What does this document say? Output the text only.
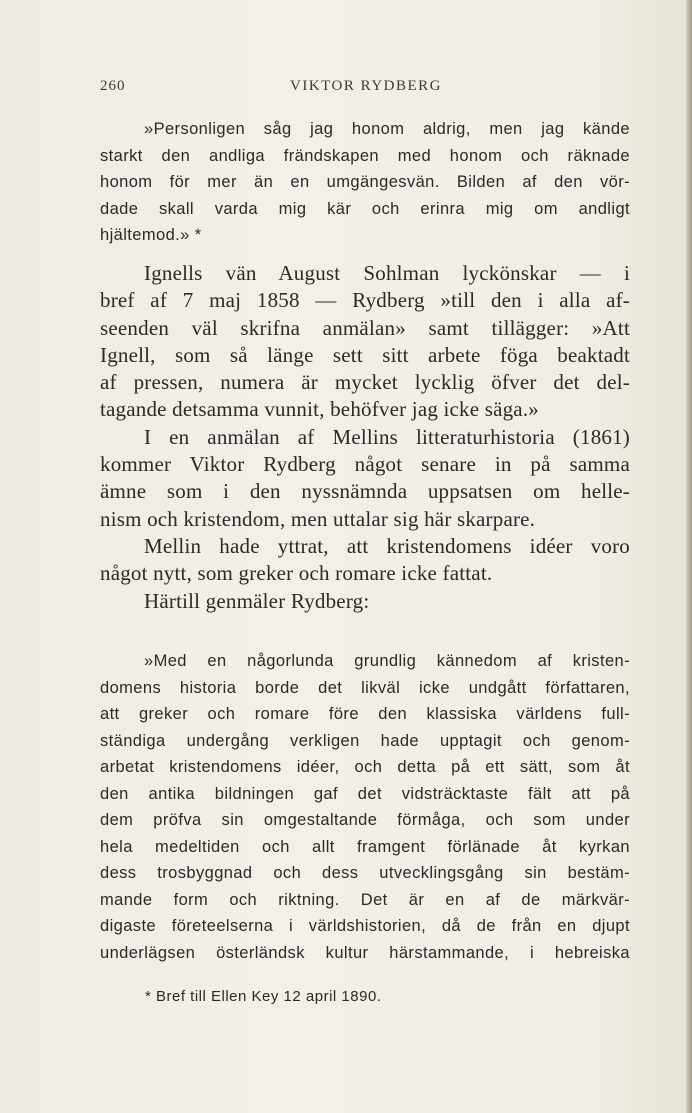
260	VIKTOR RYDBERG
»Personligen såg jag honom aldrig, men jag kände
starkt den andliga frändskapen med honom och räknade
honom för mer än en umgängesvän. Bilden af den vör-
dade skall varda mig kär och erinra mig om andligt
hjältemod.» *
Ignells vän August Sohlman lyckönskar — i
bref af 7 maj 1858 — Rydberg »till den i alla af-
seenden väl skrifna anmälan» samt tillägger: »Att
Ignell, som så länge sett sitt arbete föga beaktadt
af pressen, numera är mycket lycklig öfver det del-
tagande detsamma vunnit, behöfver jag icke säga.»
I en anmälan af Mellins litteraturhistoria (1861)
kommer Viktor Rydberg något senare in på samma
ämne som i den nyssnämnda uppsatsen om helle-
nism och kristendom, men uttalar sig här skarpare.
Mellin hade yttrat, att kristendomens idéer voro
något nytt, som greker och romare icke fattat.
Härtill genmäler Rydberg:
»Med en någorlunda grundlig kännedom af kristen-
domens historia borde det likväl icke undgått författaren,
att greker och romare före den klassiska världens full-
ständiga undergång verkligen hade upptagit och genom-
arbetat kristendomens idéer, och detta på ett sätt, som åt
den antika bildningen gaf det vidsträcktaste fält att på
dem pröfva sin omgestaltande förmåga, och som under
hela medeltiden och allt framgent förlänade åt kyrkan
dess trosbyggnad och dess utvecklingsgång sin bestäm-
mande form och riktning. Det är en af de märkvär-
digaste företeelserna i världshistorien, då de från en djupt
underlägsen österländsk kultur härstammande, i hebreiska
* Bref till Ellen Key 12 april 1890.
